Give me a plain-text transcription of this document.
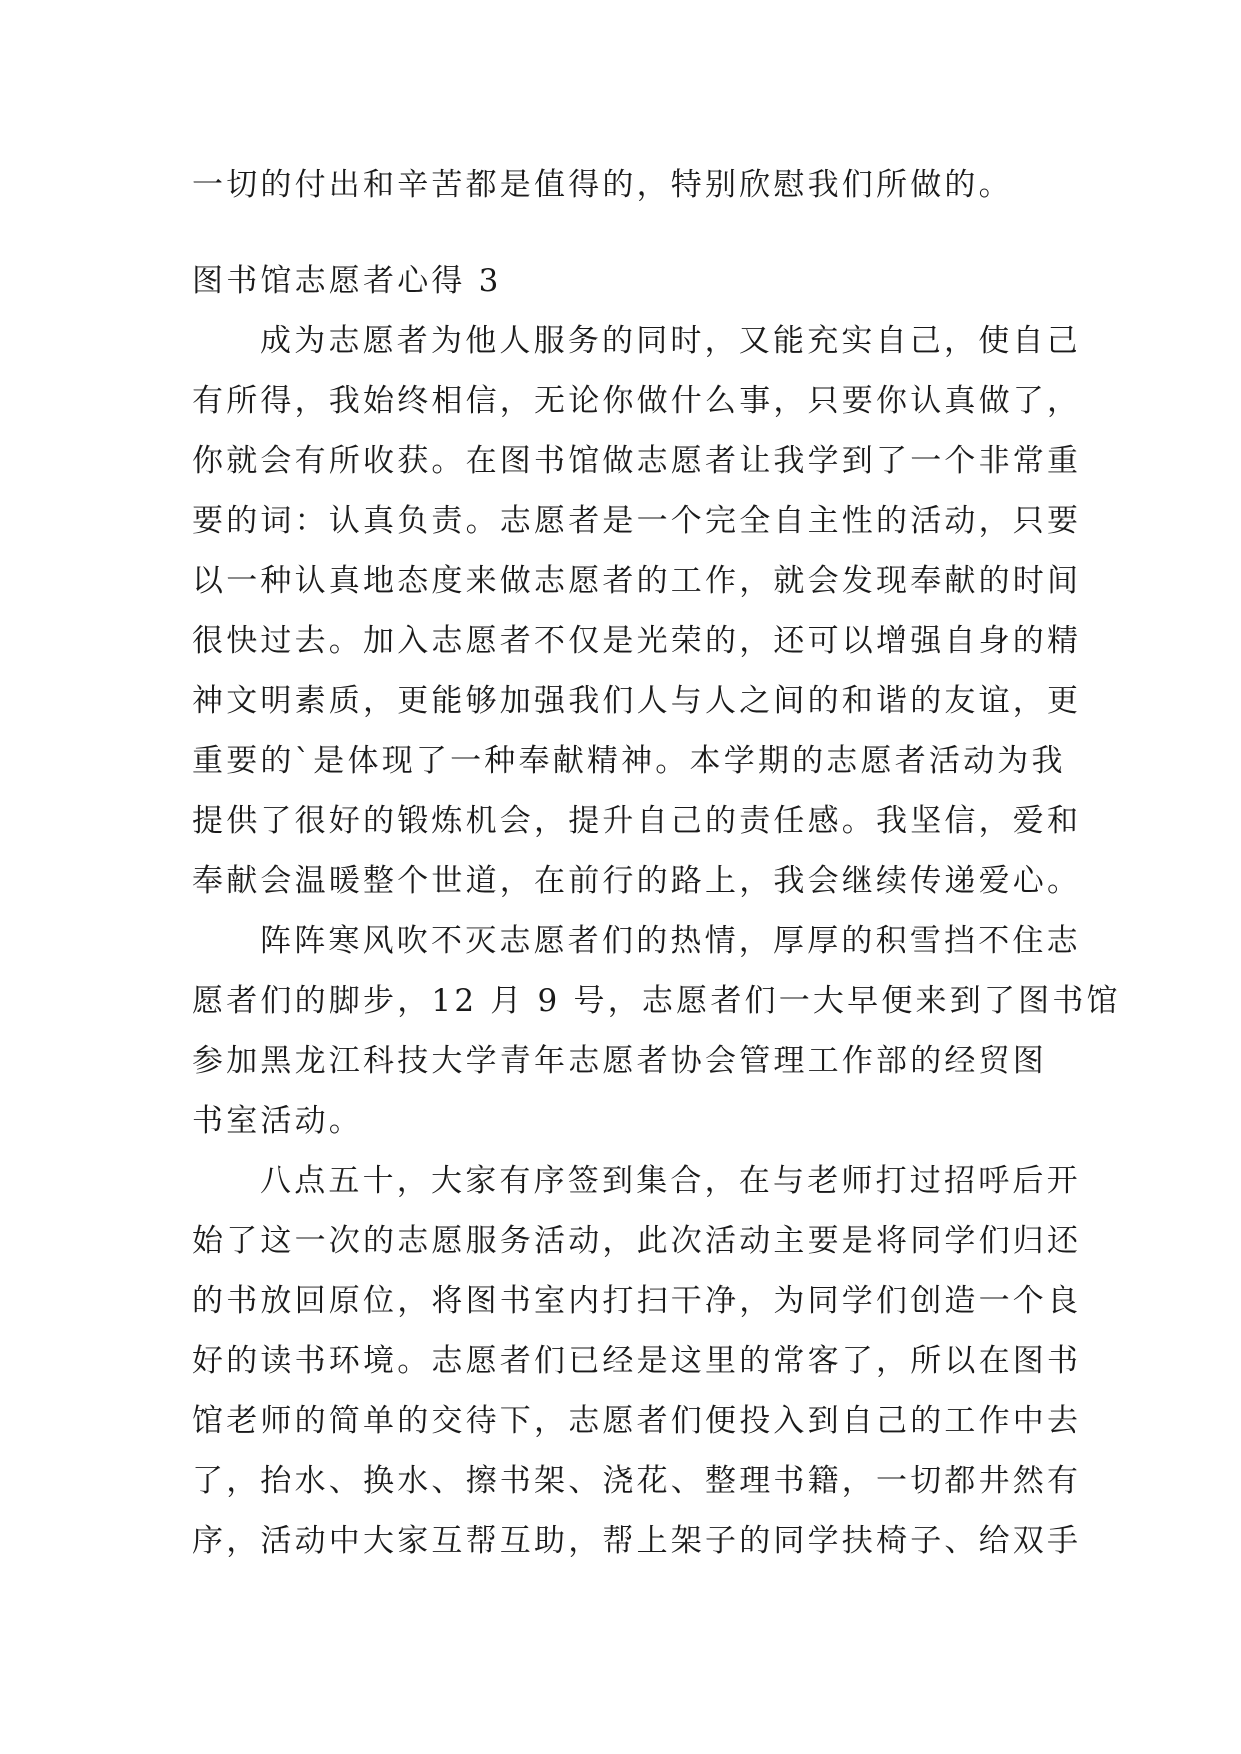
一切的付出和辛苦都是值得的，特别欣慰我们所做的。
图书馆志愿者心得 3
成为志愿者为他人服务的同时，又能充实自己，使自己
有所得，我始终相信，无论你做什么事，只要你认真做了，
你就会有所收获。在图书馆做志愿者让我学到了一个非常重
要的词：认真负责。志愿者是一个完全自主性的活动，只要
以一种认真地态度来做志愿者的工作，就会发现奉献的时间
很快过去。加入志愿者不仅是光荣的，还可以增强自身的精
神文明素质，更能够加强我们人与人之间的和谐的友谊，更
重要的`是体现了一种奉献精神。本学期的志愿者活动为我
提供了很好的锻炼机会，提升自己的责任感。我坚信，爱和
奉献会温暖整个世道，在前行的路上，我会继续传递爱心。
阵阵寒风吹不灭志愿者们的热情，厚厚的积雪挡不住志
愿者们的脚步，12 月 9 号，志愿者们一大早便来到了图书馆
参加黑龙江科技大学青年志愿者协会管理工作部的经贸图
书室活动。
八点五十，大家有序签到集合，在与老师打过招呼后开
始了这一次的志愿服务活动，此次活动主要是将同学们归还
的书放回原位，将图书室内打扫干净，为同学们创造一个良
好的读书环境。志愿者们已经是这里的常客了，所以在图书
馆老师的简单的交待下，志愿者们便投入到自己的工作中去
了，抬水、换水、擦书架、浇花、整理书籍，一切都井然有
序，活动中大家互帮互助，帮上架子的同学扶椅子、给双手
